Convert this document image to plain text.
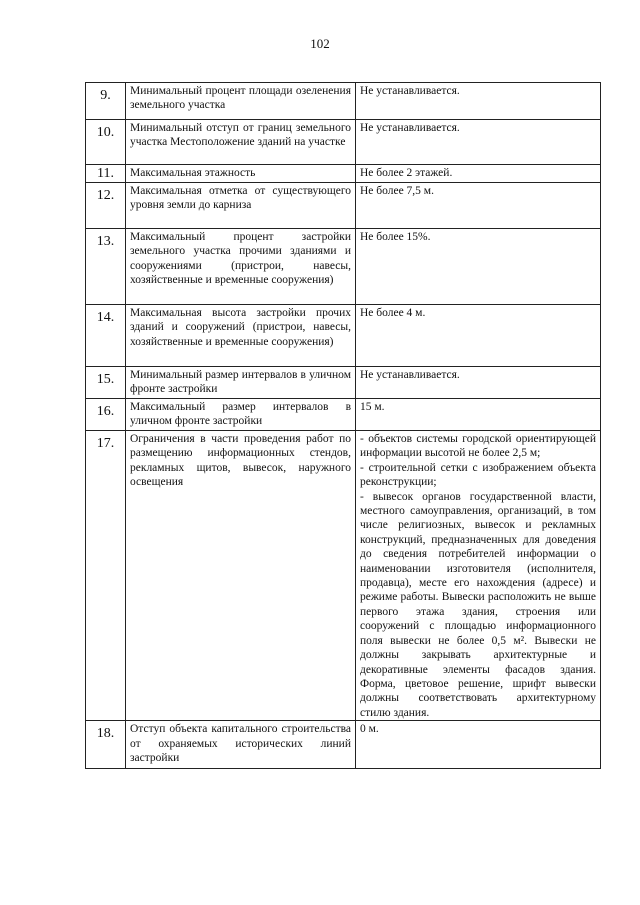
102
9.	Минимальный процент площади озеленения земельного участка	Не устанавливается.
10.	Минимальный отступ от границ земельного участка Местоположение зданий на участке	Не устанавливается.
11.	Максимальная этажность	Не более 2 этажей.
12.	Максимальная отметка от существующего уровня земли до карниза	Не более 7,5 м.
13.	Максимальный процент застройки земельного участка прочими зданиями и сооружениями (пристрои, навесы, хозяйственные и временные сооружения)	Не более 15%.
14.	Максимальная высота застройки прочих зданий и сооружений (пристрои, навесы, хозяйственные и временные сооружения)	Не более 4 м.
15.	Минимальный размер интервалов в уличном фронте застройки	Не устанавливается.
16.	Максимальный размер интервалов в уличном фронте застройки	15 м.
17.	Ограничения в части проведения работ по размещению информационных стендов, рекламных щитов, вывесок, наружного освещения	- объектов системы городской ориентирующей информации высотой не более 2,5 м;
- строительной сетки с изображением объекта реконструкции;
- вывесок органов государственной власти, местного самоуправления, организаций, в том числе религиозных, вывесок и рекламных конструкций, предназначенных для доведения до сведения потребителей информации о наименовании изготовителя (исполнителя, продавца), месте его нахождения (адресе) и режиме работы. Вывески расположить не выше первого этажа здания, строения или сооружений с площадью информационного поля вывески не более 0,5 м². Вывески не должны закрывать архитектурные и декоративные элементы фасадов здания. Форма, цветовое решение, шрифт вывески должны соответствовать архитектурному стилю здания.

18.	Отступ объекта капитального строительства от охраняемых исторических линий застройки	0 м.
